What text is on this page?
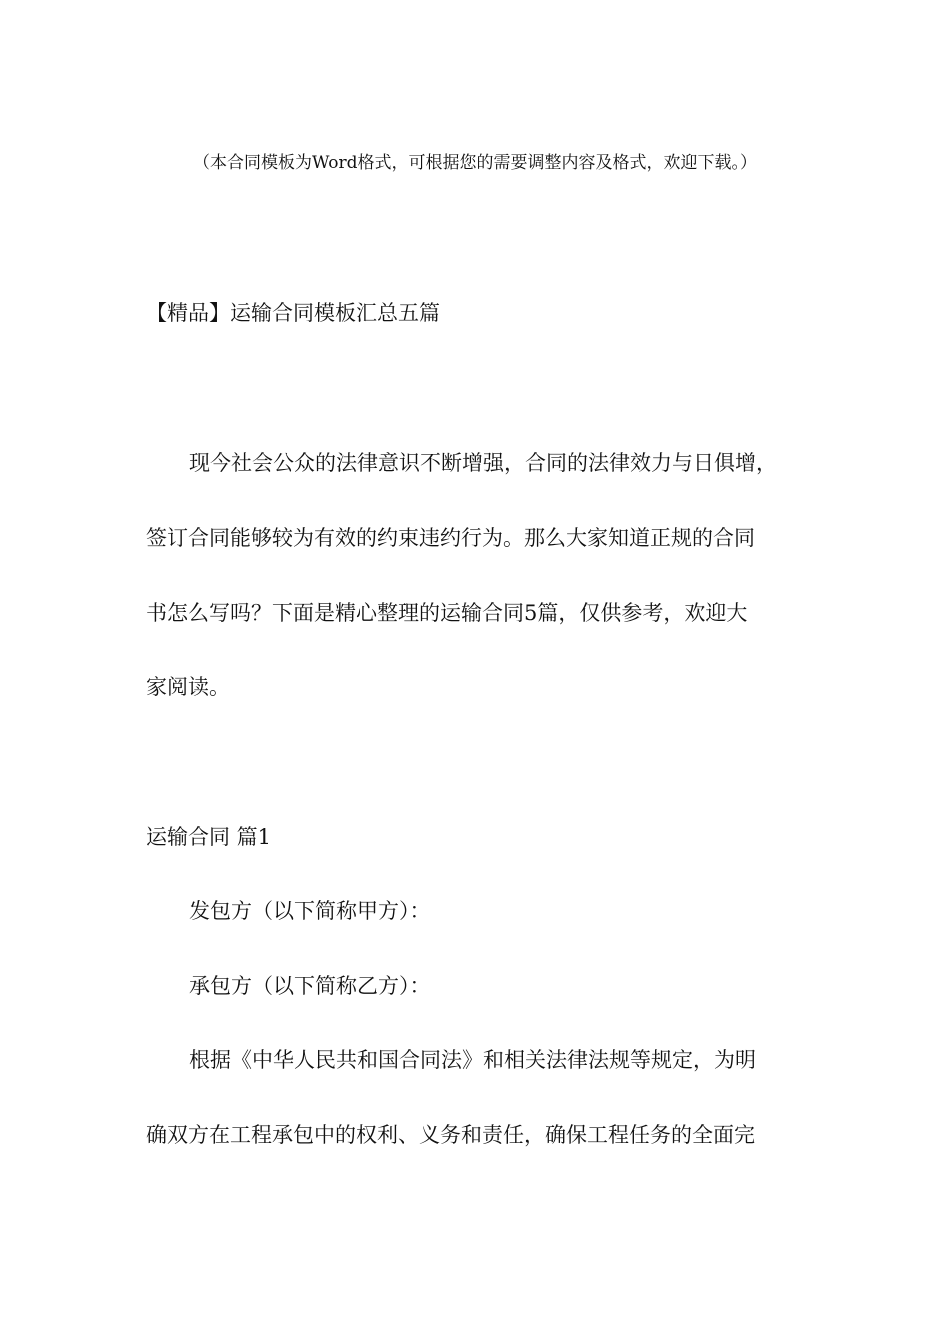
（本合同模板为Word格式，可根据您的需要调整内容及格式，欢迎下载。）
【精品】运输合同模板汇总五篇
现今社会公众的法律意识不断增强，合同的法律效力与日俱增，
签订合同能够较为有效的约束违约行为。那么大家知道正规的合同
书怎么写吗？下面是精心整理的运输合同5篇，仅供参考，欢迎大
家阅读。
运输合同 篇1
发包方（以下简称甲方）：
承包方（以下简称乙方）：
根据《中华人民共和国合同法》和相关法律法规等规定，为明
确双方在工程承包中的权利、义务和责任，确保工程任务的全面完
